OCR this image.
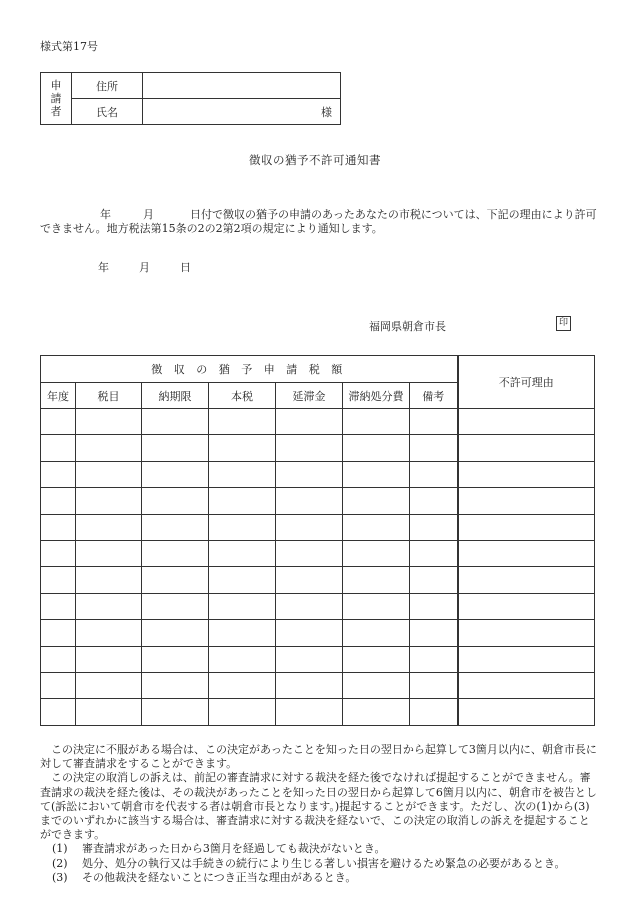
様式第17号
申
請
者	住所	
	氏名	様
徴収の猶予不許可通知書
年	月	日付で徴収の猶予の申請のあったあなたの市税については、下記の理由により許可できません。地方税法第15条の2の2第2項の規定により通知します。
年	月	日
福岡県朝倉市長	印
徴 収 の 猶 予 申 請 税 額							不許可理由
年度	税目	納期限	本税	延滞金	滞納処分費	備考	

この決定に不服がある場合は、この決定があったことを知った日の翌日から起算して3箇月以内に、朝倉市長に対して審査請求をすることができます。

この決定の取消しの訴えは、前記の審査請求に対する裁決を経た後でなければ提起することができません。審査請求の裁決を経た後は、その裁決があったことを知った日の翌日から起算して6箇月以内に、朝倉市を被告として(訴訟において朝倉市を代表する者は朝倉市長となります。)提起することができます。ただし、次の(1)から(3)までのいずれかに該当する場合は、審査請求に対する裁決を経ないで、この決定の取消しの訴えを提起することができます。

(1) 審査請求があった日から3箇月を経過しても裁決がないとき。

(2) 処分、処分の執行又は手続きの続行により生じる著しい損害を避けるため緊急の必要があるとき。

(3) その他裁決を経ないことにつき正当な理由があるとき。
